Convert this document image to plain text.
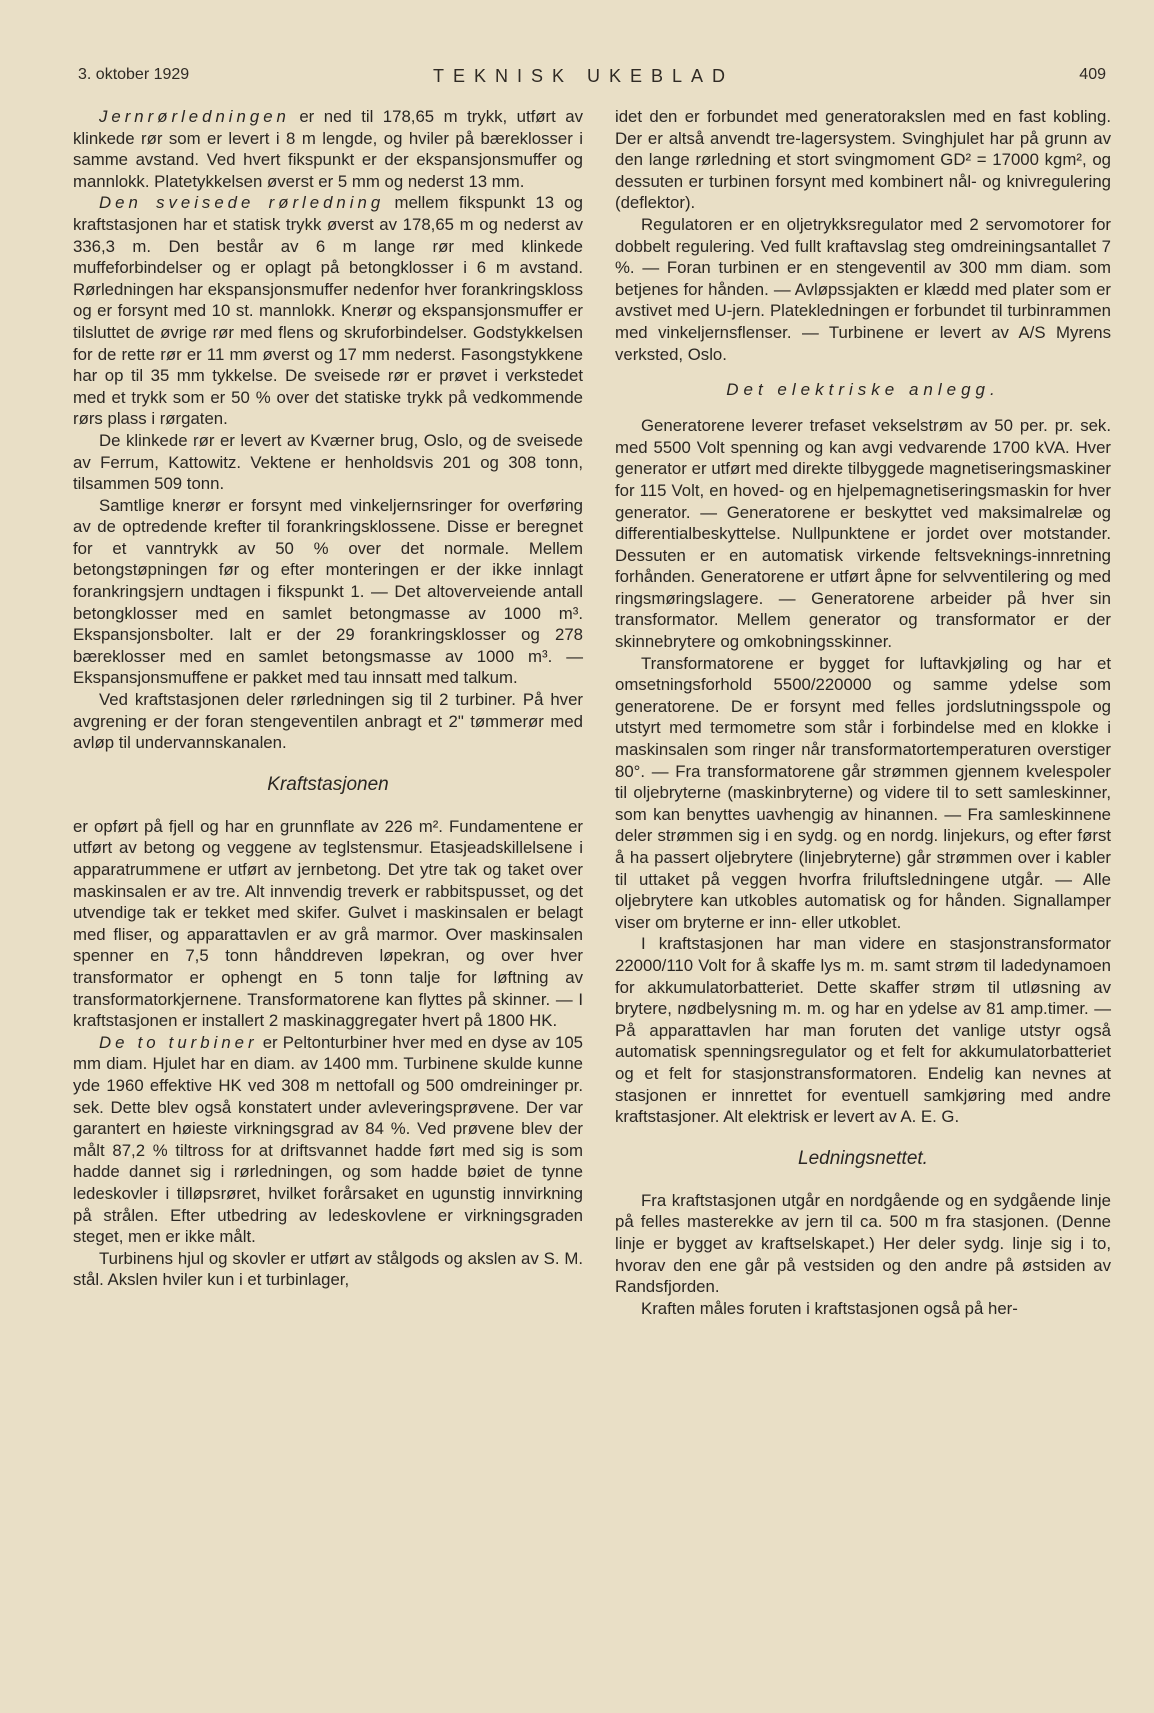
3. oktober 1929	TEKNISK UKEBLAD	409

Jernrørledningen er ned til 178,65 m trykk, utført av klinkede rør som er levert i 8 m lengde, og hviler på bæreklosser i samme avstand. Ved hvert fikspunkt er der ekspansjonsmuffer og mannlokk. Platetykkelsen øverst er 5 mm og nederst 13 mm.

Den sveisede rørledning mellem fikspunkt 13 og kraftstasjonen har et statisk trykk øverst av 178,65 m og nederst av 336,3 m. Den består av 6 m lange rør med klinkede muffeforbindelser og er oplagt på betongklosser i 6 m avstand. Rørledningen har ekspansjonsmuffer nedenfor hver forankringskloss og er forsynt med 10 st. mannlokk. Knerør og ekspansjonsmuffer er tilsluttet de øvrige rør med flens og skruforbindelser. Godstykkelsen for de rette rør er 11 mm øverst og 17 mm nederst. Fasongstykkene har op til 35 mm tykkelse. De sveisede rør er prøvet i verkstedet med et trykk som er 50 % over det statiske trykk på vedkommende rørs plass i rørgaten.

De klinkede rør er levert av Kværner brug, Oslo, og de sveisede av Ferrum, Kattowitz. Vektene er henholdsvis 201 og 308 tonn, tilsammen 509 tonn.

Samtlige knerør er forsynt med vinkeljernsringer for overføring av de optredende krefter til forankringsklossene. Disse er beregnet for et vanntrykk av 50 % over det normale. Mellem betongstøpningen før og efter monteringen er der ikke innlagt forankringsjern undtagen i fikspunkt 1. — Det altoverveiende antall betongklosser med en samlet betongmasse av 1000 m³. Ekspansjonsbolter. Ialt er der 29 forankringsklosser og 278 bæreklosser med en samlet betongsmasse av 1000 m³. — Ekspansjonsmuffene er pakket med tau innsatt med talkum.

Ved kraftstasjonen deler rørledningen sig til 2 turbiner. På hver avgrening er der foran stengeventilen anbragt et 2" tømmerør med avløp til undervannskanalen.

Kraftstasjonen

er opført på fjell og har en grunnflate av 226 m². Fundamentene er utført av betong og veggene av teglstensmur. Etasjeadskillelsene i apparatrummene er utført av jernbetong. Det ytre tak og taket over maskinsalen er av tre. Alt innvendig treverk er rabbitspusset, og det utvendige tak er tekket med skifer. Gulvet i maskinsalen er belagt med fliser, og apparattavlen er av grå marmor. Over maskinsalen spenner en 7,5 tonn hånddreven løpekran, og over hver transformator er ophengt en 5 tonn talje for løftning av transformatorkjernene. Transformatorene kan flyttes på skinner. — I kraftstasjonen er installert 2 maskinaggregater hvert på 1800 HK.

De to turbiner er Peltonturbiner hver med en dyse av 105 mm diam. Hjulet har en diam. av 1400 mm. Turbinene skulde kunne yde 1960 effektive HK ved 308 m nettofall og 500 omdreininger pr. sek. Dette blev også konstatert under avleveringsprøvene. Der var garantert en høieste virkningsgrad av 84 %. Ved prøvene blev der målt 87,2 % tiltross for at driftsvannet hadde ført med sig is som hadde dannet sig i rørledningen, og som hadde bøiet de tynne ledeskovler i tilløpsrøret, hvilket forårsaket en ugunstig innvirkning på strålen. Efter utbedring av ledeskovlene er virkningsgraden steget, men er ikke målt.

Turbinens hjul og skovler er utført av stålgods og akslen av S. M. stål. Akslen hviler kun i et turbinlager,

idet den er forbundet med generatorakslen med en fast kobling. Der er altså anvendt tre-lagersystem. Svinghjulet har på grunn av den lange rørledning et stort svingmoment GD² = 17000 kgm², og dessuten er turbinen forsynt med kombinert nål- og knivregulering (deflektor).

Regulatoren er en oljetrykksregulator med 2 servomotorer for dobbelt regulering. Ved fullt kraftavslag steg omdreiningsantallet 7 %. — Foran turbinen er en stengeventil av 300 mm diam. som betjenes for hånden. — Avløpssjakten er klædd med plater som er avstivet med U-jern. Platekledningen er forbundet til turbinrammen med vinkeljernsflenser. — Turbinene er levert av A/S Myrens verksted, Oslo.

Det elektriske anlegg.

Generatorene leverer trefaset vekselstrøm av 50 per. pr. sek. med 5500 Volt spenning og kan avgi vedvarende 1700 kVA. Hver generator er utført med direkte tilbyggede magnetiseringsmaskiner for 115 Volt, en hoved- og en hjelpemagnetiseringsmaskin for hver generator. — Generatorene er beskyttet ved maksimalrelæ og differentialbeskyttelse. Nullpunktene er jordet over motstander. Dessuten er en automatisk virkende feltsveknings-innretning forhånden. Generatorene er utført åpne for selvventilering og med ringsmøringslagere. — Generatorene arbeider på hver sin transformator. Mellem generator og transformator er der skinnebrytere og omkobningsskinner.

Transformatorene er bygget for luftavkjøling og har et omsetningsforhold 5500/220000 og samme ydelse som generatorene. De er forsynt med felles jordslutningsspole og utstyrt med termometre som står i forbindelse med en klokke i maskinsalen som ringer når transformatortemperaturen overstiger 80°. — Fra transformatorene går strømmen gjennem kvelespoler til oljebryterne (maskinbryterne) og videre til to sett samleskinner, som kan benyttes uavhengig av hinannen. — Fra samleskinnene deler strømmen sig i en sydg. og en nordg. linjekurs, og efter først å ha passert oljebrytere (linjebryterne) går strømmen over i kabler til uttaket på veggen hvorfra friluftsledningene utgår. — Alle oljebrytere kan utkobles automatisk og for hånden. Signallamper viser om bryterne er inn- eller utkoblet.

I kraftstasjonen har man videre en stasjonstransformator 22000/110 Volt for å skaffe lys m. m. samt strøm til ladedynamoen for akkumulatorbatteriet. Dette skaffer strøm til utløsning av brytere, nødbelysning m. m. og har en ydelse av 81 amp.timer. — På apparattavlen har man foruten det vanlige utstyr også automatisk spenningsregulator og et felt for akkumulatorbatteriet og et felt for stasjonstransformatoren. Endelig kan nevnes at stasjonen er innrettet for eventuell samkjøring med andre kraftstasjoner. Alt elektrisk er levert av A. E. G.

Ledningsnettet.

Fra kraftstasjonen utgår en nordgående og en sydgående linje på felles masterekke av jern til ca. 500 m fra stasjonen. (Denne linje er bygget av kraftselskapet.) Her deler sydg. linje sig i to, hvorav den ene går på vestsiden og den andre på østsiden av Randsfjorden.

Kraften måles foruten i kraftstasjonen også på her-
